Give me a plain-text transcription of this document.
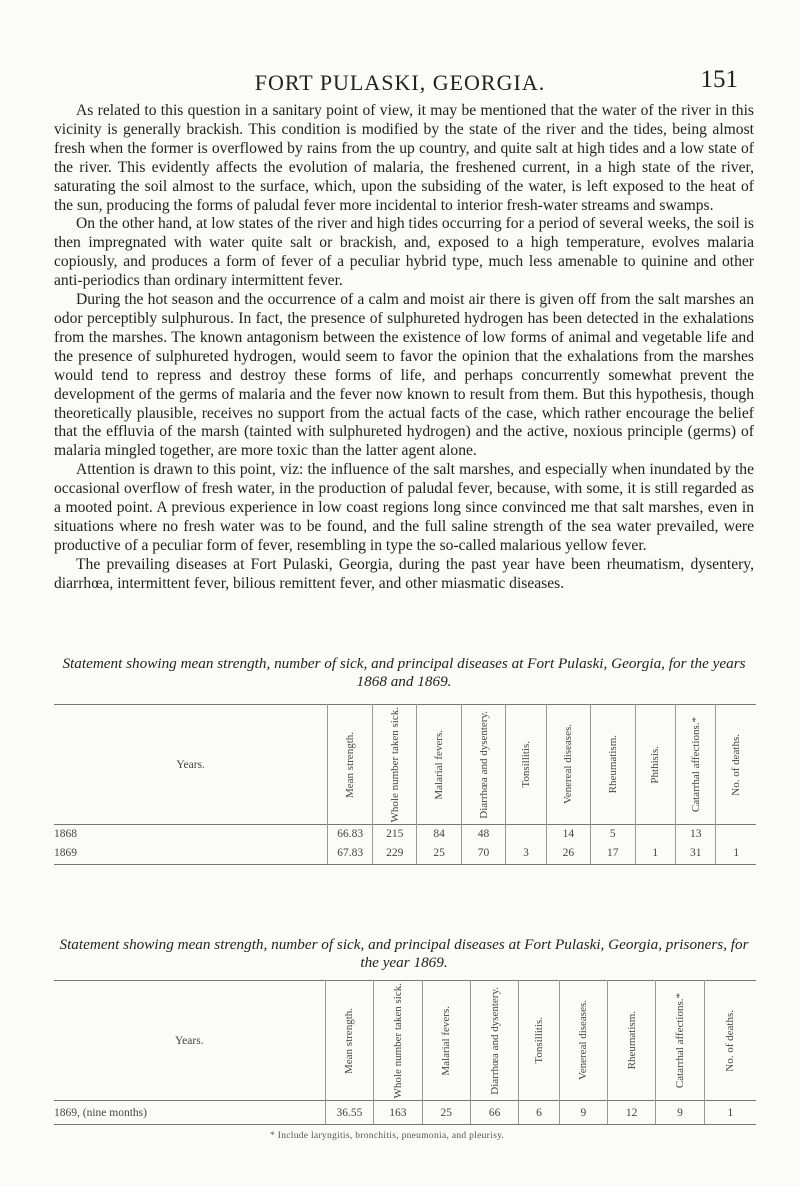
FORT PULASKI, GEORGIA.	151

As related to this question in a sanitary point of view, it may be mentioned that the water of the river in this vicinity is generally brackish. This condition is modified by the state of the river and the tides, being almost fresh when the former is overflowed by rains from the up country, and quite salt at high tides and a low state of the river. This evidently affects the evolution of malaria, the freshened current, in a high state of the river, saturating the soil almost to the surface, which, upon the subsiding of the water, is left exposed to the heat of the sun, producing the forms of paludal fever more incidental to interior fresh-water streams and swamps.

On the other hand, at low states of the river and high tides occurring for a period of several weeks, the soil is then impregnated with water quite salt or brackish, and, exposed to a high temperature, evolves malaria copiously, and produces a form of fever of a peculiar hybrid type, much less amenable to quinine and other anti-periodics than ordinary intermittent fever.

During the hot season and the occurrence of a calm and moist air there is given off from the salt marshes an odor perceptibly sulphurous. In fact, the presence of sulphureted hydrogen has been detected in the exhalations from the marshes. The known antagonism between the existence of low forms of animal and vegetable life and the presence of sulphureted hydrogen, would seem to favor the opinion that the exhalations from the marshes would tend to repress and destroy these forms of life, and perhaps concurrently somewhat prevent the development of the germs of malaria and the fever now known to result from them. But this hypothesis, though theoretically plausible, receives no support from the actual facts of the case, which rather encourage the belief that the effluvia of the marsh (tainted with sulphureted hydrogen) and the active, noxious principle (germs) of malaria mingled together, are more toxic than the latter agent alone.

Attention is drawn to this point, viz: the influence of the salt marshes, and especially when inundated by the occasional overflow of fresh water, in the production of paludal fever, because, with some, it is still regarded as a mooted point. A previous experience in low coast regions long since convinced me that salt marshes, even in situations where no fresh water was to be found, and the full saline strength of the sea water prevailed, were productive of a peculiar form of fever, resembling in type the so-called malarious yellow fever.

The prevailing diseases at Fort Pulaski, Georgia, during the past year have been rheumatism, dysentery, diarrhœa, intermittent fever, bilious remittent fever, and other miasmatic diseases.

Statement showing mean strength, number of sick, and principal diseases at Fort Pulaski, Georgia, for the years 1868 and 1869.
Years.	Mean strength.	Whole number taken sick.	Malarial fevers.	Diarrhœa and dysentery.	Tonsillitis.	Venereal diseases.	Rheumatism.	Phthisis.	Catarrhal affections.*	No. of deaths.

1868	66.83	215	84	48		14	5		13	
1869	67.83	229	25	70	3	26	17	1	31	1
Statement showing mean strength, number of sick, and principal diseases at Fort Pulaski, Georgia, prisoners, for the year 1869.
Years.	Mean strength.	Whole number taken sick.	Malarial fevers.	Diarrhœa and dysentery.	Tonsillitis.	Venereal diseases.	Rheumatism.	Catarrhal affections.*	No. of deaths.

1869, (nine months)	36.55	163	25	66	6	9	12	9	1
* Include laryngitis, bronchitis, pneumonia, and pleurisy.
